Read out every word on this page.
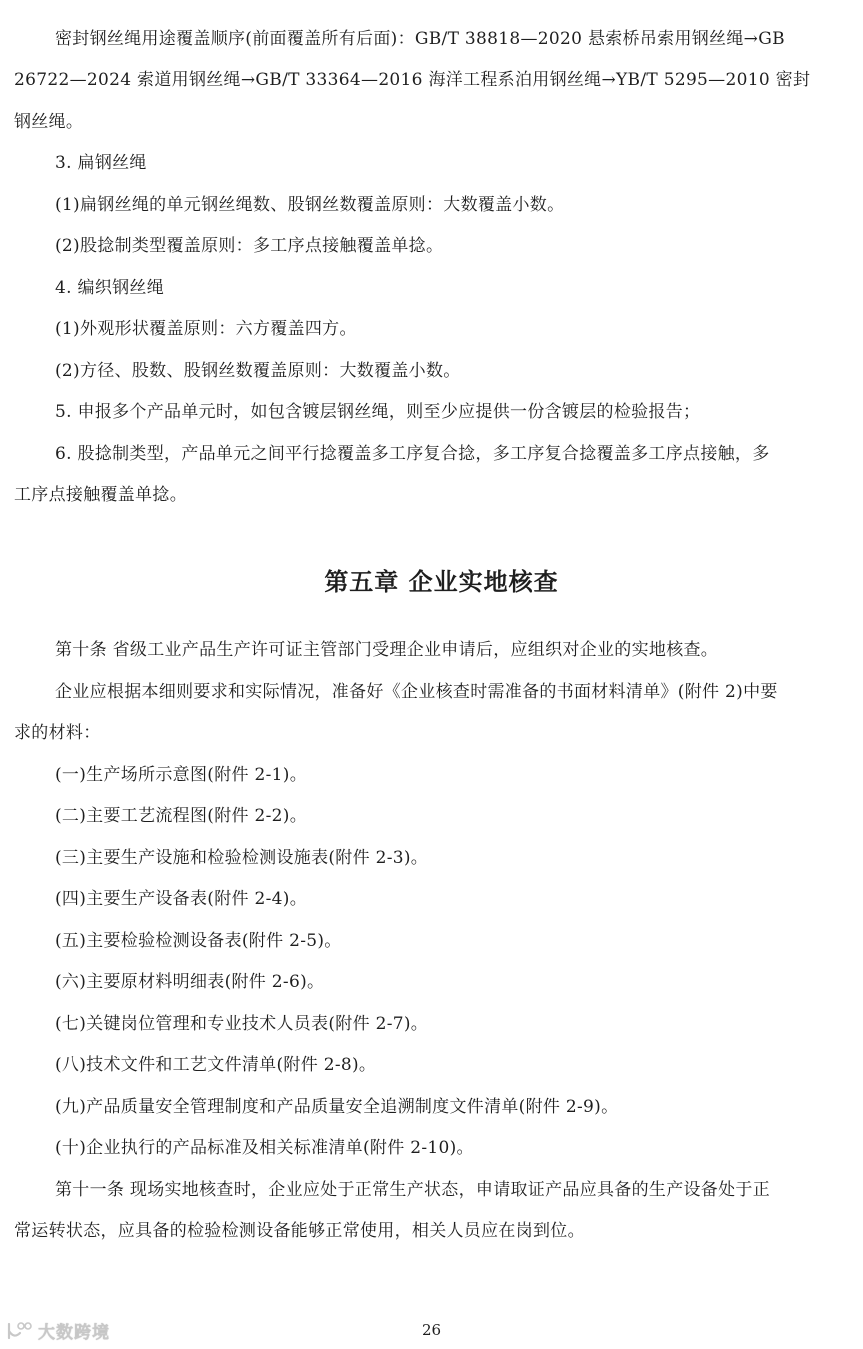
密封钢丝绳用途覆盖顺序(前面覆盖所有后面)：GB/T 38818—2020 悬索桥吊索用钢丝绳→GB
26722—2024 索道用钢丝绳→GB/T 33364—2016 海洋工程系泊用钢丝绳→YB/T 5295—2010 密封
钢丝绳。
3. 扁钢丝绳
(1)扁钢丝绳的单元钢丝绳数、股钢丝数覆盖原则：大数覆盖小数。
(2)股捻制类型覆盖原则：多工序点接触覆盖单捻。
4. 编织钢丝绳
(1)外观形状覆盖原则：六方覆盖四方。
(2)方径、股数、股钢丝数覆盖原则：大数覆盖小数。
5. 申报多个产品单元时，如包含镀层钢丝绳，则至少应提供一份含镀层的检验报告；
6. 股捻制类型，产品单元之间平行捻覆盖多工序复合捻，多工序复合捻覆盖多工序点接触，多
工序点接触覆盖单捻。
第五章 企业实地核查
第十条 省级工业产品生产许可证主管部门受理企业申请后，应组织对企业的实地核查。
企业应根据本细则要求和实际情况，准备好《企业核查时需准备的书面材料清单》(附件 2)中要
求的材料：
(一)生产场所示意图(附件 2-1)。
(二)主要工艺流程图(附件 2-2)。
(三)主要生产设施和检验检测设施表(附件 2-3)。
(四)主要生产设备表(附件 2-4)。
(五)主要检验检测设备表(附件 2-5)。
(六)主要原材料明细表(附件 2-6)。
(七)关键岗位管理和专业技术人员表(附件 2-7)。
(八)技术文件和工艺文件清单(附件 2-8)。
(九)产品质量安全管理制度和产品质量安全追溯制度文件清单(附件 2-9)。
(十)企业执行的产品标准及相关标准清单(附件 2-10)。
第十一条 现场实地核查时，企业应处于正常生产状态，申请取证产品应具备的生产设备处于正
常运转状态，应具备的检验检测设备能够正常使用，相关人员应在岗到位。
26
大数跨境
